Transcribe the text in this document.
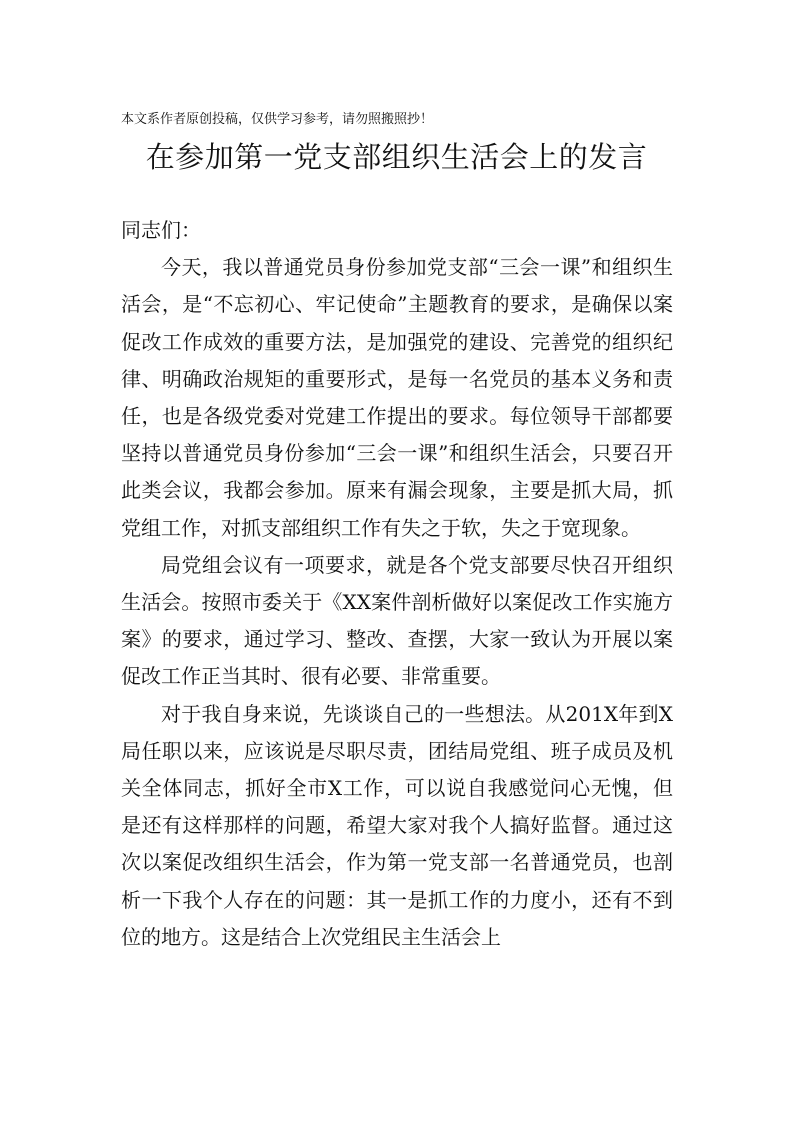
本文系作者原创投稿，仅供学习参考，请勿照搬照抄！
在参加第一党支部组织生活会上的发言

同志们：

今天，我以普通党员身份参加党支部“三会一课”和组织生活会，是“不忘初心、牢记使命”主题教育的要求，是确保以案促改工作成效的重要方法，是加强党的建设、完善党的组织纪律、明确政治规矩的重要形式，是每一名党员的基本义务和责任，也是各级党委对党建工作提出的要求。每位领导干部都要坚持以普通党员身份参加“三会一课”和组织生活会，只要召开此类会议，我都会参加。原来有漏会现象，主要是抓大局，抓党组工作，对抓支部组织工作有失之于软，失之于宽现象。

局党组会议有一项要求，就是各个党支部要尽快召开组织生活会。按照市委关于《XX案件剖析做好以案促改工作实施方案》的要求，通过学习、整改、查摆，大家一致认为开展以案促改工作正当其时、很有必要、非常重要。

对于我自身来说，先谈谈自己的一些想法。从201X年到X局任职以来，应该说是尽职尽责，团结局党组、班子成员及机关全体同志，抓好全市X工作，可以说自我感觉问心无愧，但是还有这样那样的问题，希望大家对我个人搞好监督。通过这次以案促改组织生活会，作为第一党支部一名普通党员，也剖析一下我个人存在的问题：其一是抓工作的力度小，还有不到位的地方。这是结合上次党组民主生活会上
